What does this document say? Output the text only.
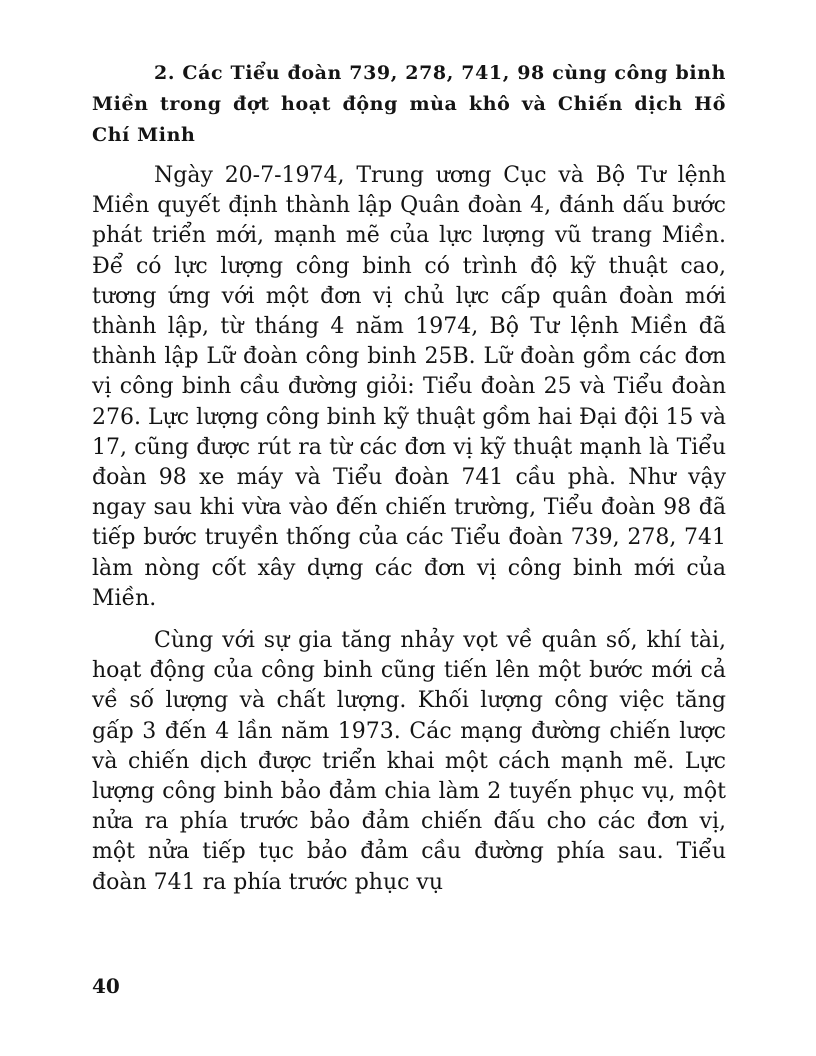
2. Các Tiểu đoàn 739, 278, 741, 98 cùng công binh Miền trong đợt hoạt động mùa khô và Chiến dịch Hồ Chí Minh

Ngày 20-7-1974, Trung ương Cục và Bộ Tư lệnh Miền quyết định thành lập Quân đoàn 4, đánh dấu bước phát triển mới, mạnh mẽ của lực lượng vũ trang Miền. Để có lực lượng công binh có trình độ kỹ thuật cao, tương ứng với một đơn vị chủ lực cấp quân đoàn mới thành lập, từ tháng 4 năm 1974, Bộ Tư lệnh Miền đã thành lập Lữ đoàn công binh 25B. Lữ đoàn gồm các đơn vị công binh cầu đường giỏi: Tiểu đoàn 25 và Tiểu đoàn 276. Lực lượng công binh kỹ thuật gồm hai Đại đội 15 và 17, cũng được rút ra từ các đơn vị kỹ thuật mạnh là Tiểu đoàn 98 xe máy và Tiểu đoàn 741 cầu phà. Như vậy ngay sau khi vừa vào đến chiến trường, Tiểu đoàn 98 đã tiếp bước truyền thống của các Tiểu đoàn 739, 278, 741 làm nòng cốt xây dựng các đơn vị công binh mới của Miền.

Cùng với sự gia tăng nhảy vọt về quân số, khí tài, hoạt động của công binh cũng tiến lên một bước mới cả về số lượng và chất lượng. Khối lượng công việc tăng gấp 3 đến 4 lần năm 1973. Các mạng đường chiến lược và chiến dịch được triển khai một cách mạnh mẽ. Lực lượng công binh bảo đảm chia làm 2 tuyến phục vụ, một nửa ra phía trước bảo đảm chiến đấu cho các đơn vị, một nửa tiếp tục bảo đảm cầu đường phía sau. Tiểu đoàn 741 ra phía trước phục vụ

40
